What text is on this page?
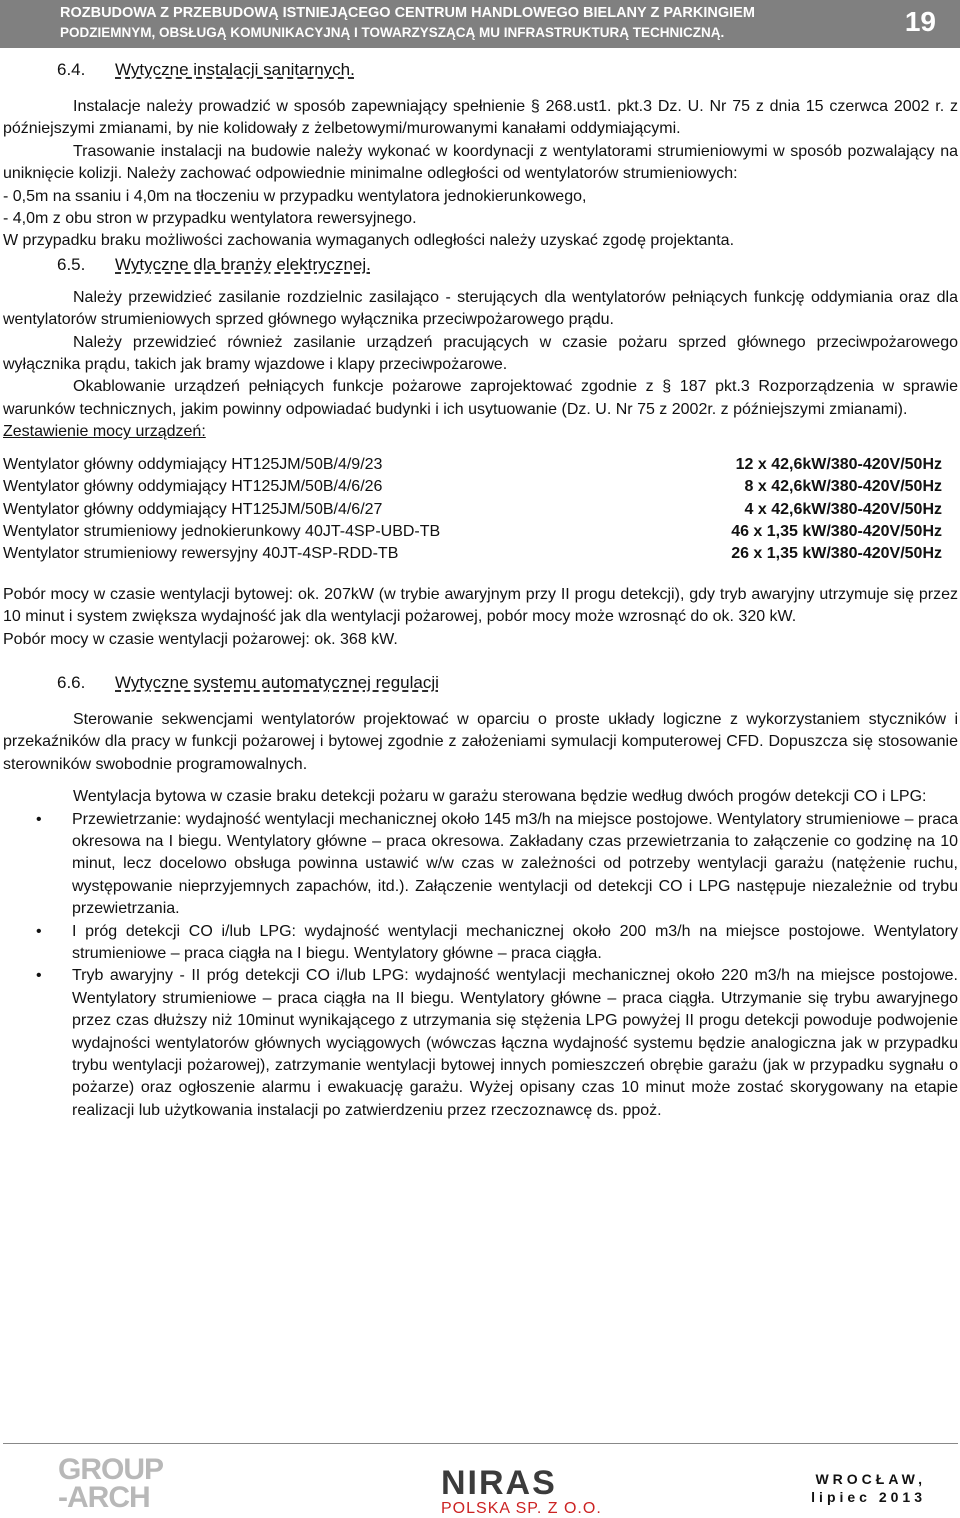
ROZBUDOWA Z PRZEBUDOWĄ ISTNIEJĄCEGO CENTRUM HANDLOWEGO BIELANY Z PARKINGIEM
PODZIEMNYM, OBSŁUGĄ KOMUNIKACYJNĄ I TOWARZYSZĄCĄ MU INFRASTRUKTURĄ TECHNICZNĄ.	19
6.4. Wytyczne instalacji sanitarnych.

Instalacje należy prowadzić w sposób zapewniający spełnienie § 268.ust1. pkt.3 Dz. U. Nr 75 z dnia 15 czerwca 2002 r. z późniejszymi zmianami, by nie kolidowały z żelbetowymi/murowanymi kanałami oddymiającymi.

Trasowanie instalacji na budowie należy wykonać w koordynacji z wentylatorami strumieniowymi w sposób pozwalający na uniknięcie kolizji. Należy zachować odpowiednie minimalne odległości od wentylatorów strumieniowych:

- 0,5m na ssaniu i 4,0m na tłoczeniu w przypadku wentylatora jednokierunkowego,

- 4,0m z obu stron w przypadku wentylatora rewersyjnego.

W przypadku braku możliwości zachowania wymaganych odległości należy uzyskać zgodę projektanta.

6.5. Wytyczne dla branży elektrycznej.

Należy przewidzieć zasilanie rozdzielnic zasilająco - sterujących dla wentylatorów pełniących funkcję oddymiania oraz dla wentylatorów strumieniowych sprzed głównego wyłącznika przeciwpożarowego prądu.

Należy przewidzieć również zasilanie urządzeń pracujących w czasie pożaru sprzed głównego przeciwpożarowego wyłącznika prądu, takich jak bramy wjazdowe i klapy przeciwpożarowe.

Okablowanie urządzeń pełniących funkcje pożarowe zaprojektować zgodnie z § 187 pkt.3 Rozporządzenia w sprawie warunków technicznych, jakim powinny odpowiadać budynki i ich usytuowanie (Dz. U. Nr 75 z 2002r. z późniejszymi zmianami).

Zestawienie mocy urządzeń:

Wentylator główny oddymiający HT125JM/50B/4/9/23	12 x 42,6kW/380-420V/50Hz
Wentylator główny oddymiający HT125JM/50B/4/6/26	8 x 42,6kW/380-420V/50Hz
Wentylator główny oddymiający HT125JM/50B/4/6/27	4 x 42,6kW/380-420V/50Hz
Wentylator strumieniowy jednokierunkowy 40JT-4SP-UBD-TB	46 x 1,35 kW/380-420V/50Hz
Wentylator strumieniowy rewersyjny 40JT-4SP-RDD-TB	26 x 1,35 kW/380-420V/50Hz

Pobór mocy w czasie wentylacji bytowej: ok. 207kW (w trybie awaryjnym przy II progu detekcji), gdy tryb awaryjny utrzymuje się przez 10 minut i system zwiększa wydajność jak dla wentylacji pożarowej, pobór mocy może wzrosnąć do ok. 320 kW.

Pobór mocy w czasie wentylacji pożarowej: ok. 368 kW.

6.6. Wytyczne systemu automatycznej regulacji

Sterowanie sekwencjami wentylatorów projektować w oparciu o proste układy logiczne z wykorzystaniem styczników i przekaźników dla pracy w funkcji pożarowej i bytowej zgodnie z założeniami symulacji komputerowej CFD. Dopuszcza się stosowanie sterowników swobodnie programowalnych.

Wentylacja bytowa w czasie braku detekcji pożaru w garażu sterowana będzie według dwóch progów detekcji CO i LPG:

• Przewietrzanie: wydajność wentylacji mechanicznej około 145 m3/h na miejsce postojowe. Wentylatory strumieniowe – praca okresowa na I biegu. Wentylatory główne – praca okresowa. Zakładany czas przewietrzania to załączenie co godzinę na 10 minut, lecz docelowo obsługa powinna ustawić w/w czas w zależności od potrzeby wentylacji garażu (natężenie ruchu, występowanie nieprzyjemnych zapachów, itd.). Załączenie wentylacji od detekcji CO i LPG następuje niezależnie od trybu przewietrzania.
• I próg detekcji CO i/lub LPG: wydajność wentylacji mechanicznej około 200 m3/h na miejsce postojowe. Wentylatory strumieniowe – praca ciągła na I biegu. Wentylatory główne – praca ciągła.
• Tryb awaryjny - II próg detekcji CO i/lub LPG: wydajność wentylacji mechanicznej około 220 m3/h na miejsce postojowe. Wentylatory strumieniowe – praca ciągła na II biegu. Wentylatory główne – praca ciągła. Utrzymanie się trybu awaryjnego przez czas dłuższy niż 10minut wynikającego z utrzymania się stężenia LPG powyżej II progu detekcji powoduje podwojenie wydajności wentylatorów głównych wyciągowych (wówczas łączna wydajność systemu będzie analogiczna jak w przypadku trybu wentylacji pożarowej), zatrzymanie wentylacji bytowej innych pomieszczeń obrębie garażu (jak w przypadku sygnału o pożarze) oraz ogłoszenie alarmu i ewakuację garażu. Wyżej opisany czas 10 minut może zostać skorygowany na etapie realizacji lub użytkowania instalacji po zatwierdzeniu przez rzeczoznawcę ds. ppoż.
GROUP
-ARCH	NIRAS
POLSKA SP. Z O.O.
WROCŁAW,
lipiec 2013
